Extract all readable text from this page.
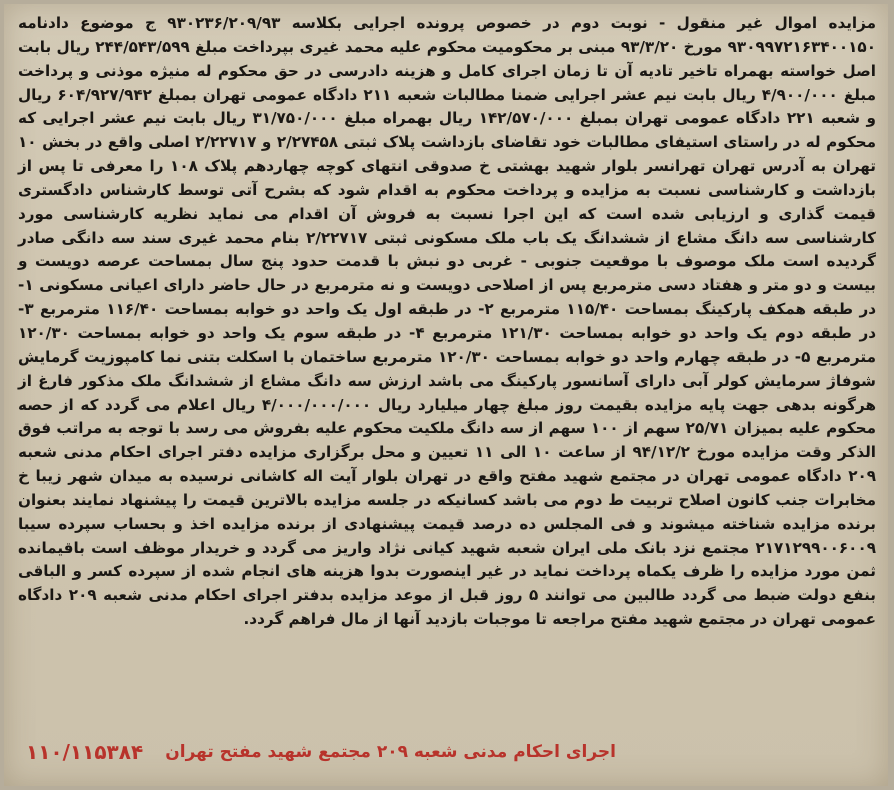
مزایده اموال غیر منقول - نوبت دوم در خصوص پرونده اجرایی بکلاسه ۹۳۰۲۳۶/۲۰۹/۹۳ ج موضوع دادنامه ۹۳۰۹۹۷۲۱۶۳۴۰۰۱۵۰ مورخ ۹۳/۳/۲۰ مبنی بر محکومیت محکوم علیه محمد غیری بپرداخت مبلغ ۲۴۴/۵۴۳/۵۹۹ ریال بابت اصل خواسته بهمراه تاخیر تادیه آن تا زمان اجرای کامل و هزینه دادرسی در حق محکوم له منیژه موذنی و پرداخت مبلغ ۴/۹۰۰/۰۰۰ ریال بابت نیم عشر اجرایی ضمنا مطالبات شعبه ۲۱۱ دادگاه عمومی تهران بمبلغ ۶۰۴/۹۲۷/۹۴۲ ریال و شعبه ۲۲۱ دادگاه عمومی تهران بمبلغ ۱۴۲/۵۷۰/۰۰۰ ریال بهمراه مبلغ ۳۱/۷۵۰/۰۰۰ ریال بابت نیم عشر اجرایی که محکوم له در راستای استیفای مطالبات خود تقاضای بازداشت پلاک ثبتی ۲/۲۷۴۵۸ و ۲/۲۲۷۱۷ اصلی واقع در بخش ۱۰ تهران به آدرس تهران تهرانسر بلوار شهید بهشتی خ صدوقی انتهای کوچه چهاردهم پلاک ۱۰۸ را معرفی تا پس از بازداشت و کارشناسی نسبت به مزایده و پرداخت محکوم به اقدام شود که بشرح آتی توسط کارشناس دادگستری قیمت گذاری و ارزیابی شده است که این اجرا نسبت به فروش آن اقدام می نماید نظریه کارشناسی مورد کارشناسی سه دانگ مشاع از ششدانگ یک باب ملک مسکونی ثبتی ۲/۲۲۷۱۷ بنام محمد غیری سند سه دانگی صادر گردیده است ملک موصوف با موقعیت جنوبی - غربی دو نبش با قدمت حدود پنج سال بمساحت عرصه دویست و بیست و دو متر و هفتاد دسی مترمربع پس از اصلاحی دویست و نه مترمربع در حال حاضر دارای اعیانی مسکونی ۱- در طبقه همکف پارکینگ بمساحت ۱۱۵/۴۰ مترمربع ۲- در طبقه اول یک واحد دو خوابه بمساحت ۱۱۶/۴۰ مترمربع ۳- در طبقه دوم یک واحد دو خوابه بمساحت ۱۲۱/۳۰ مترمربع ۴- در طبقه سوم یک واحد دو خوابه بمساحت ۱۲۰/۳۰ مترمربع ۵- در طبقه چهارم واحد دو خوابه بمساحت ۱۲۰/۳۰ مترمربع ساختمان با اسکلت بتنی نما کامپوزیت گرمایش شوفاژ سرمایش کولر آبی دارای آسانسور پارکینگ می باشد ارزش سه دانگ مشاع از ششدانگ ملک مذکور فارغ از هرگونه بدهی جهت پایه مزایده بقیمت روز مبلغ چهار میلیارد ریال ۴/۰۰۰/۰۰۰/۰۰۰ ریال اعلام می گردد که از حصه محکوم علیه بمیزان ۲۵/۷۱ سهم از ۱۰۰ سهم از سه دانگ ملکیت محکوم علیه بفروش می رسد با توجه به مراتب فوق الذکر وقت مزایده مورخ ۹۴/۱۲/۲ از ساعت ۱۰ الی ۱۱ تعیین و محل برگزاری مزایده دفتر اجرای احکام مدنی شعبه ۲۰۹ دادگاه عمومی تهران در مجتمع شهید مفتح واقع در تهران بلوار آیت اله کاشانی نرسیده به میدان شهر زیبا خ مخابرات جنب کانون اصلاح تربیت ط دوم می باشد کسانیکه در جلسه مزایده بالاترین قیمت را پیشنهاد نمایند بعنوان برنده مزایده شناخته میشوند و فی المجلس ده درصد قیمت پیشنهادی از برنده مزایده اخذ و بحساب سپرده سیبا ۲۱۷۱۲۹۹۰۰۶۰۰۹ مجتمع نزد بانک ملی ایران شعبه شهید کیانی نژاد واریز می گردد و خریدار موظف است باقیمانده ثمن مورد مزایده را ظرف یکماه پرداخت نماید در غیر اینصورت بدوا هزینه های انجام شده از سپرده کسر و الباقی بنفع دولت ضبط می گردد طالبین می توانند ۵ روز قبل از موعد مزایده بدفتر اجرای احکام مدنی شعبه ۲۰۹ دادگاه عمومی تهران در مجتمع شهید مفتح مراجعه تا موجبات بازدید آنها از مال فراهم گردد.
اجرای احکام مدنی شعبه ۲۰۹ مجتمع شهید مفتح تهران
۱۱۰/۱۱۵۳۸۴
